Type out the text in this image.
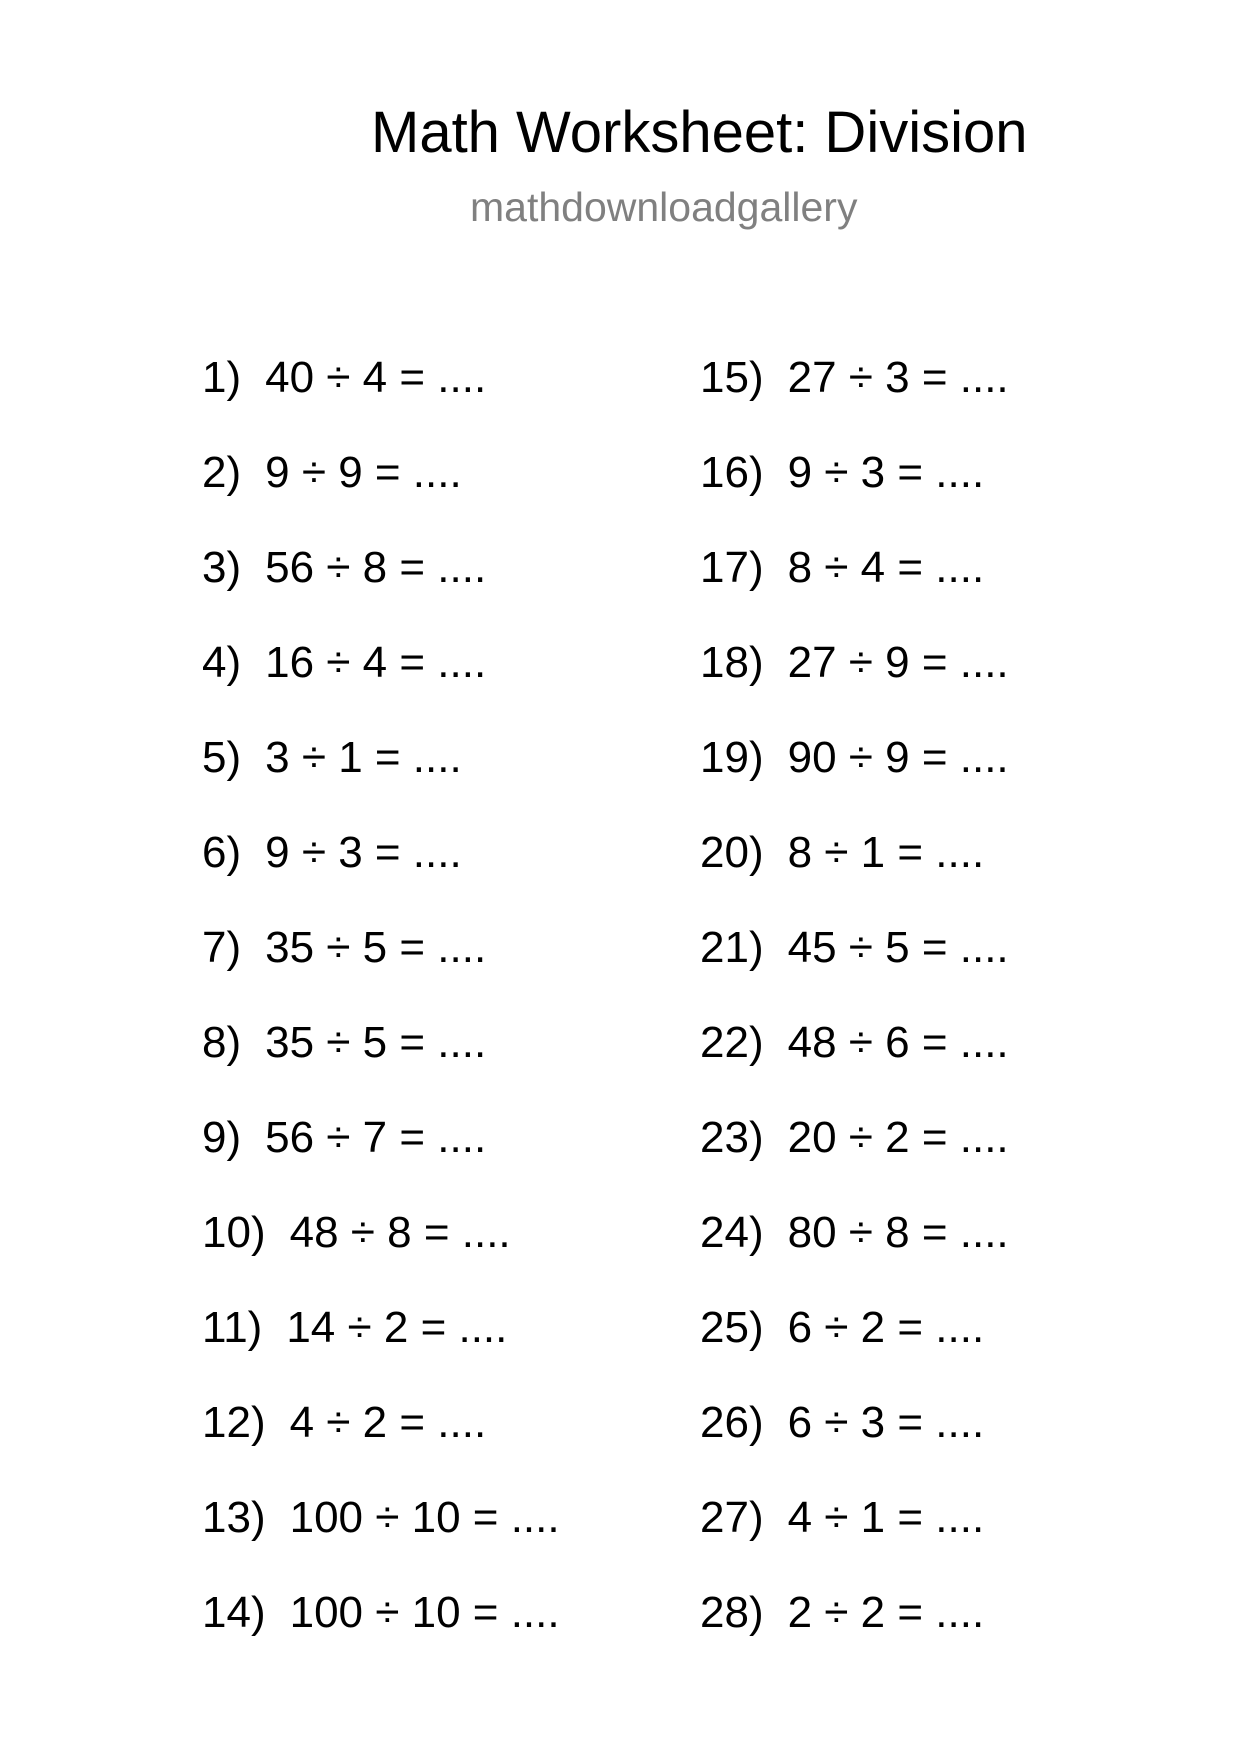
Math Worksheet: Division
mathdownloadgallery
1) 40 ÷ 4 = ....
2) 9 ÷ 9 = ....
3) 56 ÷ 8 = ....
4) 16 ÷ 4 = ....
5) 3 ÷ 1 = ....
6) 9 ÷ 3 = ....
7) 35 ÷ 5 = ....
8) 35 ÷ 5 = ....
9) 56 ÷ 7 = ....
10) 48 ÷ 8 = ....
11) 14 ÷ 2 = ....
12) 4 ÷ 2 = ....
13) 100 ÷ 10 = ....
14) 100 ÷ 10 = ....
15) 27 ÷ 3 = ....
16) 9 ÷ 3 = ....
17) 8 ÷ 4 = ....
18) 27 ÷ 9 = ....
19) 90 ÷ 9 = ....
20) 8 ÷ 1 = ....
21) 45 ÷ 5 = ....
22) 48 ÷ 6 = ....
23) 20 ÷ 2 = ....
24) 80 ÷ 8 = ....
25) 6 ÷ 2 = ....
26) 6 ÷ 3 = ....
27) 4 ÷ 1 = ....
28) 2 ÷ 2 = ....
